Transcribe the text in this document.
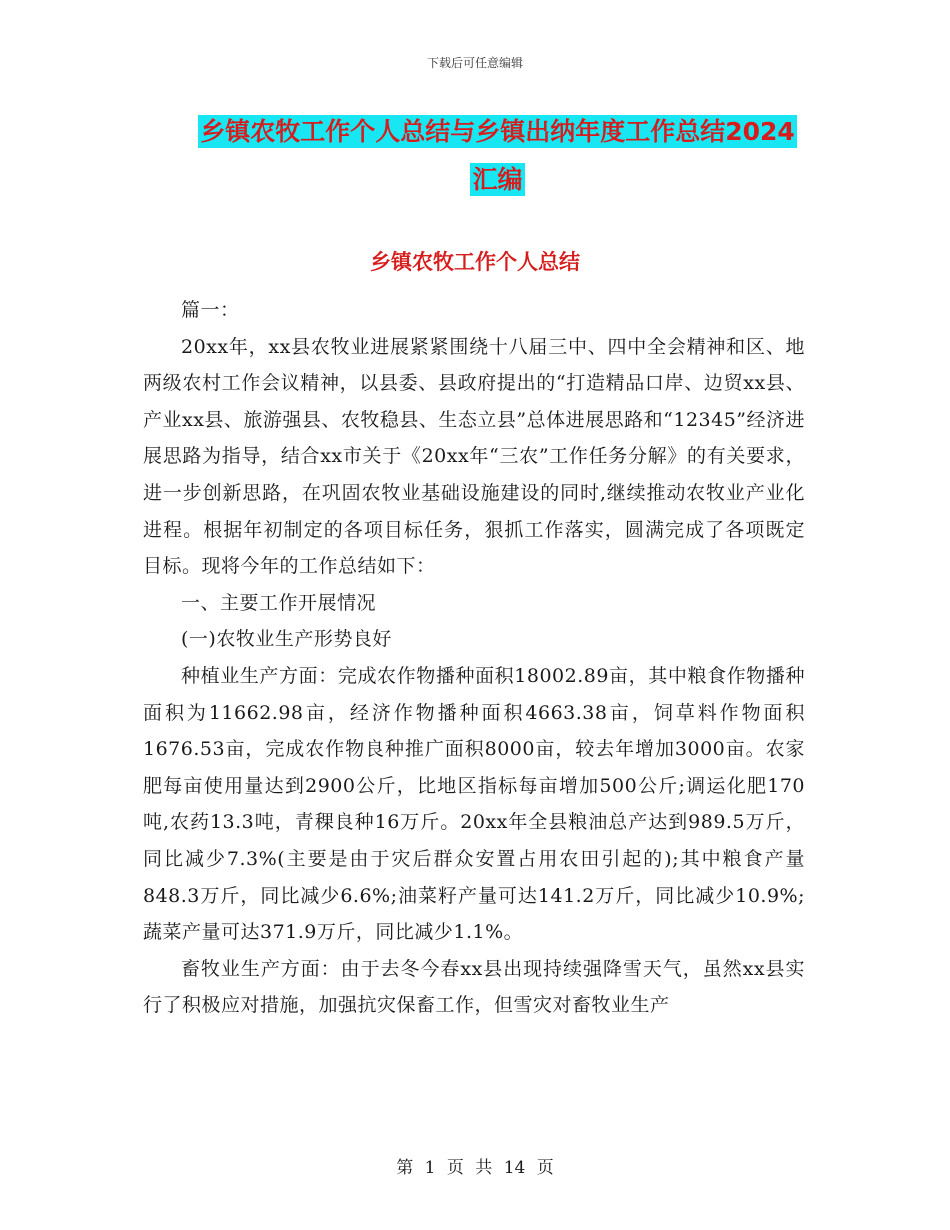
下载后可任意编辑
乡镇农牧工作个人总结与乡镇出纳年度工作总结2024
汇编
乡镇农牧工作个人总结

篇一：

20xx年，xx县农牧业进展紧紧围绕十八届三中、四中全会精神和区、地两级农村工作会议精神，以县委、县政府提出的“打造精品口岸、边贸xx县、产业xx县、旅游强县、农牧稳县、生态立县”总体进展思路和“12345”经济进展思路为指导，结合xx市关于《20xx年“三农”工作任务分解》的有关要求，进一步创新思路，在巩固农牧业基础设施建设的同时,继续推动农牧业产业化进程。根据年初制定的各项目标任务，狠抓工作落实，圆满完成了各项既定目标。现将今年的工作总结如下：

一、主要工作开展情况

(一)农牧业生产形势良好

种植业生产方面：完成农作物播种面积18002.89亩，其中粮食作物播种面积为11662.98亩，经济作物播种面积4663.38亩，饲草料作物面积1676.53亩，完成农作物良种推广面积8000亩，较去年增加3000亩。农家肥每亩使用量达到2900公斤，比地区指标每亩增加500公斤;调运化肥170吨,农药13.3吨，青稞良种16万斤。20xx年全县粮油总产达到989.5万斤，同比减少7.3%(主要是由于灾后群众安置占用农田引起的);其中粮食产量848.3万斤，同比减少6.6%;油菜籽产量可达141.2万斤，同比减少10.9%;蔬菜产量可达371.9万斤，同比减少1.1%。

畜牧业生产方面：由于去冬今春xx县出现持续强降雪天气，虽然xx县实行了积极应对措施，加强抗灾保畜工作，但雪灾对畜牧业生产

第 1 页 共 14 页
